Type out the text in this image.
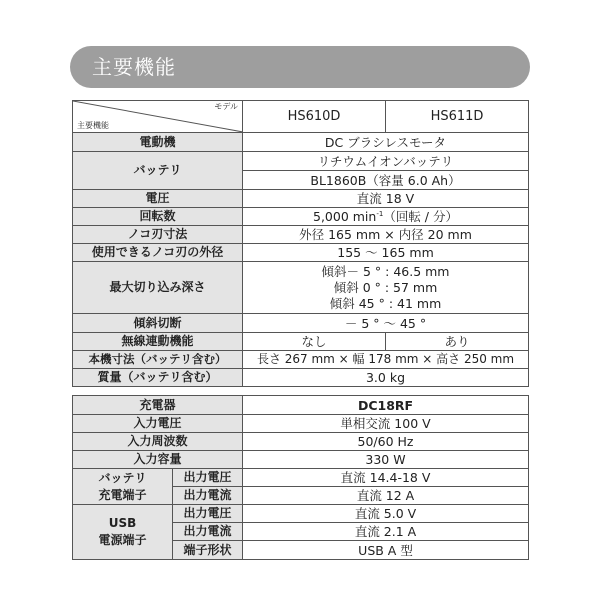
主要機能
モデル
主要機能	HS610D	HS611D
電動機	DC ブラシレスモータ	
バッテリ	リチウムイオンバッテリ	
	BL1860B（容量 6.0 Ah）	
電圧	直流 18 V	
回転数	5,000 $\min^{-1}$（回転 / 分）	
ノコ刃寸法	外径 165 mm × 内径 20 mm	
使用できるノコ刃の外径	155 ～ 165 mm	
最大切り込み深さ	傾斜－ 5 ° : 46.5 mm
傾斜 0 ° : 57 mm
傾斜 45 ° : 41 mm	

傾斜切断	－ 5 ° ～ 45 °	
無線連動機能	なし	あり
本機寸法（バッテリ含む）	長さ 267 mm × 幅 178 mm × 高さ 250 mm	
質量（バッテリ含む）	3.0 kg	
充電器		DC18RF
入力電圧		単相交流 100 V
入力周波数		50/60 Hz
入力容量		330 W

バッテリ
充電端子	出力電圧	直流 14.4-18 V
	出力電流	直流 12 A

USB
電源端子	出力電圧	直流 5.0 V
	出力電流	直流 2.1 A
	端子形状	USB A 型
